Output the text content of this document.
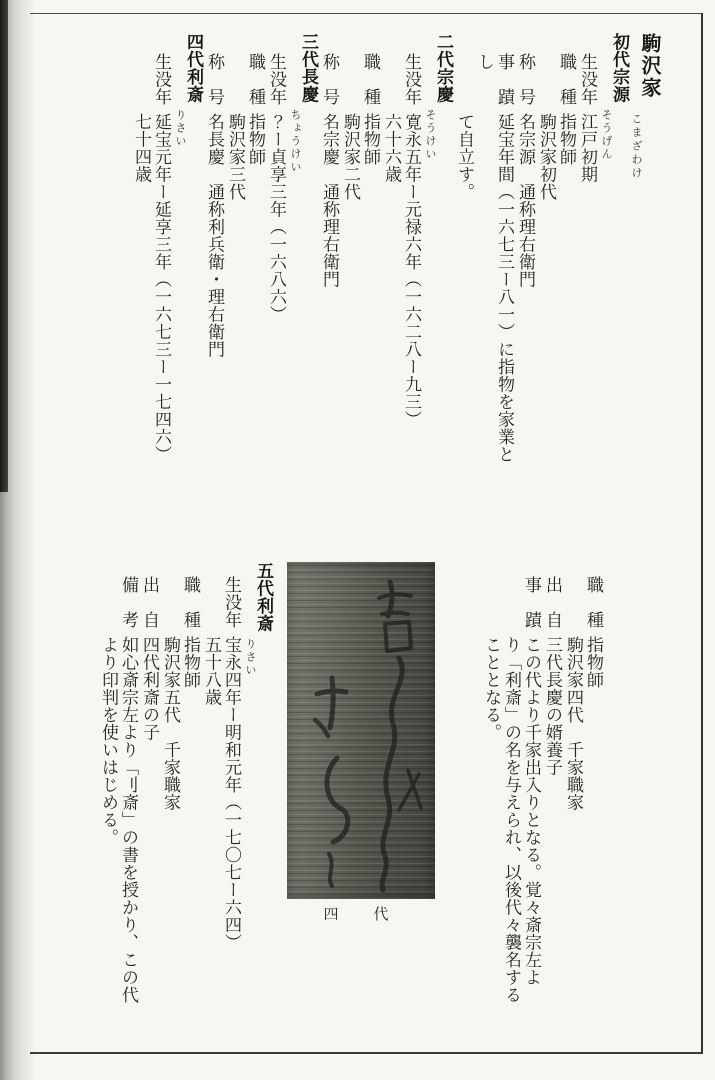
駒沢家
こまざわけ
初代宗源
そうげん
生没年江戸初期
職　種指物師
駒沢家初代
称　号名宗源　通称理右衛門
事　蹟延宝年間（一六七三ー八一）に指物を家業とし
て自立す。
二代宗慶
そうけい
生没年寛永五年ー元禄六年（一六二八ー九三）
六十六歳
職　種指物師
駒沢家二代
称　号名宗慶　通称理右衛門
三代長慶
ちょうけい
生没年？ー貞享三年（一六八六）
職　種指物師
駒沢家三代
称　号名長慶　通称利兵衛・理右衛門
四代利斎
りさい
生没年延宝元年ー延享三年（一六七三ー一七四六）
七十四歳
職　種指物師
駒沢家四代　千家職家
出　自三代長慶の婿養子
事　蹟この代より千家出入りとなる。覚々斎宗左よ
り「利斎」の名を与えられ、以後代々襲名する
こととなる。
四　代
五代利斎
りさい
生没年宝永四年ー明和元年（一七〇七ー六四）
五十八歳
職　種指物師
駒沢家五代　千家職家
出　自四代利斎の子
備　考如心斎宗左より「刂斎」の書を授かり、この代
より印判を使いはじめる。
